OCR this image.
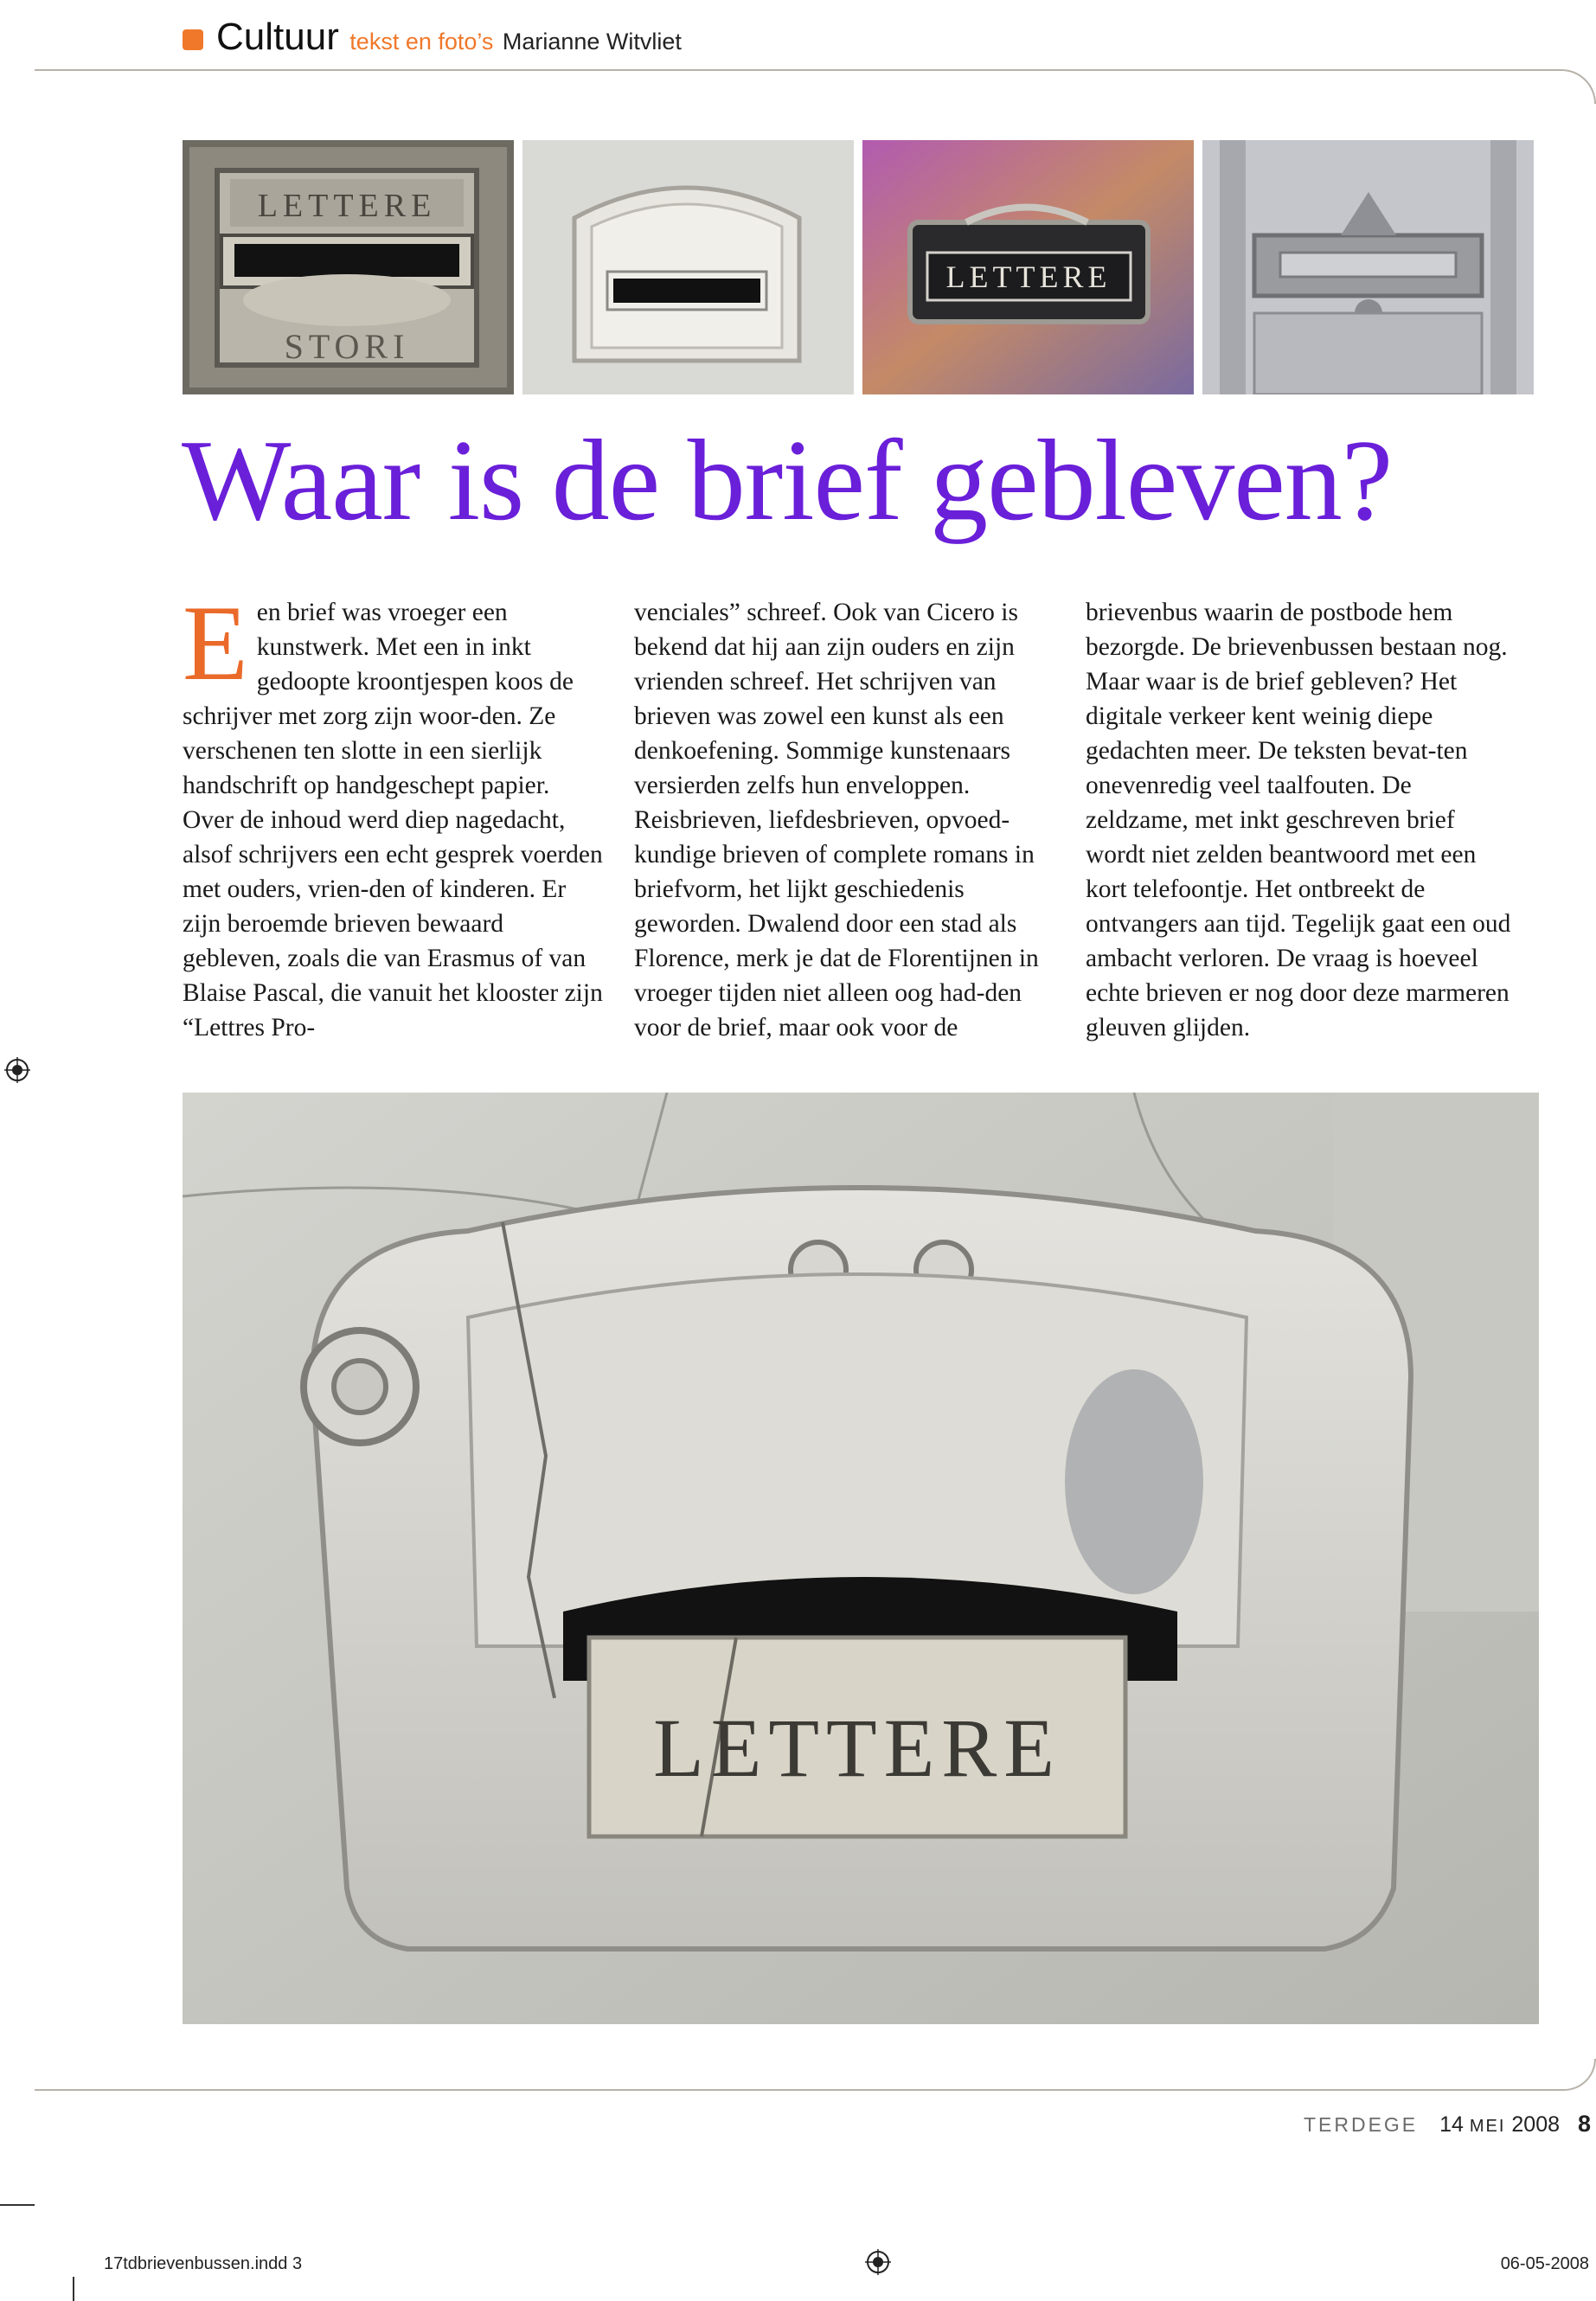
Cultuur tekst en foto’s Marianne Witvliet
LETTERE
STORI
LETTERE
Waar is de brief gebleven?
E en brief was vroeger een kunstwerk. Met een in inkt gedoopte kroontjespen koos de schrijver met zorg zijn woor-den. Ze verschenen ten slotte in een sierlijk handschrift op handgeschept papier. Over de inhoud werd diep nagedacht, alsof schrijvers een echt gesprek voerden met ouders, vrien-den of kinderen. Er zijn beroemde brieven bewaard gebleven, zoals die van Erasmus of van Blaise Pascal, die vanuit het klooster zijn “Lettres Pro-

venciales” schreef. Ook van Cicero is bekend dat hij aan zijn ouders en zijn vrienden schreef. Het schrijven van brieven was zowel een kunst als een denkoefening. Sommige kunstenaars versierden zelfs hun enveloppen. Reisbrieven, liefdesbrieven, opvoed-kundige brieven of complete romans in briefvorm, het lijkt geschiedenis geworden. Dwalend door een stad als Florence, merk je dat de Florentijnen in vroeger tijden niet alleen oog had-den voor de brief, maar ook voor de

brievenbus waarin de postbode hem bezorgde. De brievenbussen bestaan nog. Maar waar is de brief gebleven? Het digitale verkeer kent weinig diepe gedachten meer. De teksten bevat-ten onevenredig veel taalfouten. De zeldzame, met inkt geschreven brief wordt niet zelden beantwoord met een kort telefoontje. Het ontbreekt de ontvangers aan tijd. Tegelijk gaat een oud ambacht verloren. De vraag is hoeveel echte brieven er nog door deze marmeren gleuven glijden.

LETTERE
TERDEGE 14 MEI 2008 8
17tdbrievenbussen.indd 3	06-05-2008
